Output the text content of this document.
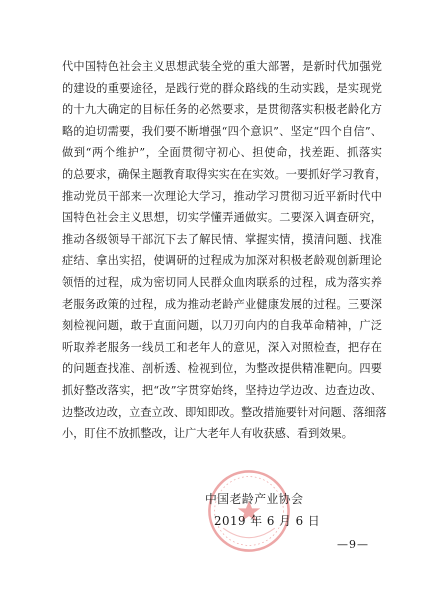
代中国特色社会主义思想武装全党的重大部署，是新时代加强党
的建设的重要途径，是践行党的群众路线的生动实践，是实现党
的十九大确定的目标任务的必然要求，是贯彻落实积极老龄化方
略的迫切需要，我们要不断增强“四个意识”、坚定“四个自信”、
做到“两个维护”，全面贯彻守初心、担使命，找差距、抓落实
的总要求，确保主题教育取得实实在在实效。一要抓好学习教育，
推动党员干部来一次理论大学习，推动学习贯彻习近平新时代中
国特色社会主义思想，切实学懂弄通做实。二要深入调查研究，
推动各级领导干部沉下去了解民情、掌握实情，摸清问题、找准
症结、拿出实招，使调研的过程成为加深对积极老龄观创新理论
领悟的过程，成为密切同人民群众血肉联系的过程，成为落实养
老服务政策的过程，成为推动老龄产业健康发展的过程。三要深
刻检视问题，敢于直面问题，以刀刃向内的自我革命精神，广泛
听取养老服务一线员工和老年人的意见，深入对照检查，把存在
的问题查找准、剖析透、检视到位，为整改提供精准靶向。四要
抓好整改落实，把“改”字贯穿始终，坚持边学边改、边查边改、
边整改边改，立查立改、即知即改。整改措施要针对问题、落细落
小，盯住不放抓整改，让广大老年人有收获感、看到效果。
中国老龄产业协会
2019 年 6 月 6 日
—9—
